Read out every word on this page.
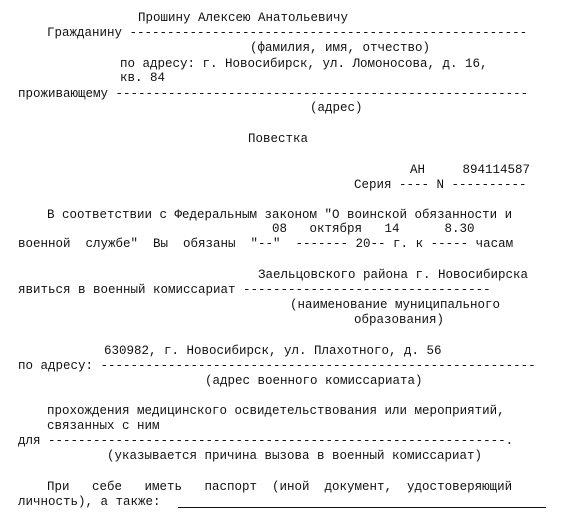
Прошину Алексею Анатольевичу
Гражданину -----------------------------------------------------
(фамилия, имя, отчество)
по адресу: г. Новосибирск, ул. Ломоносова, д. 16,
кв. 84
проживающему -------------------------------------------------------
(адрес)
Повестка
АН     894114587
Серия ---- N ----------
В соответствии с Федеральным законом "О воинской обязанности и
08   октября   14      8.30
военной  службе"  Вы  обязаны  "--"  ------- 20-- г. к ----- часам
Заельцовского района г. Новосибирска
явиться в военный комиссариат ---------------------------------
(наименование муниципального
образования)
630982, г. Новосибирск, ул. Плахотного, д. 56
по адресу: ----------------------------------------------------------
(адрес военного комиссариата)
прохождения медицинского освидетельствования или мероприятий,
связанных с ним
для -------------------------------------------------------------.
(указывается причина вызова в военный комиссариат)
При   себе   иметь   паспорт  (иной  документ,  удостоверяющий
личность), а также:
